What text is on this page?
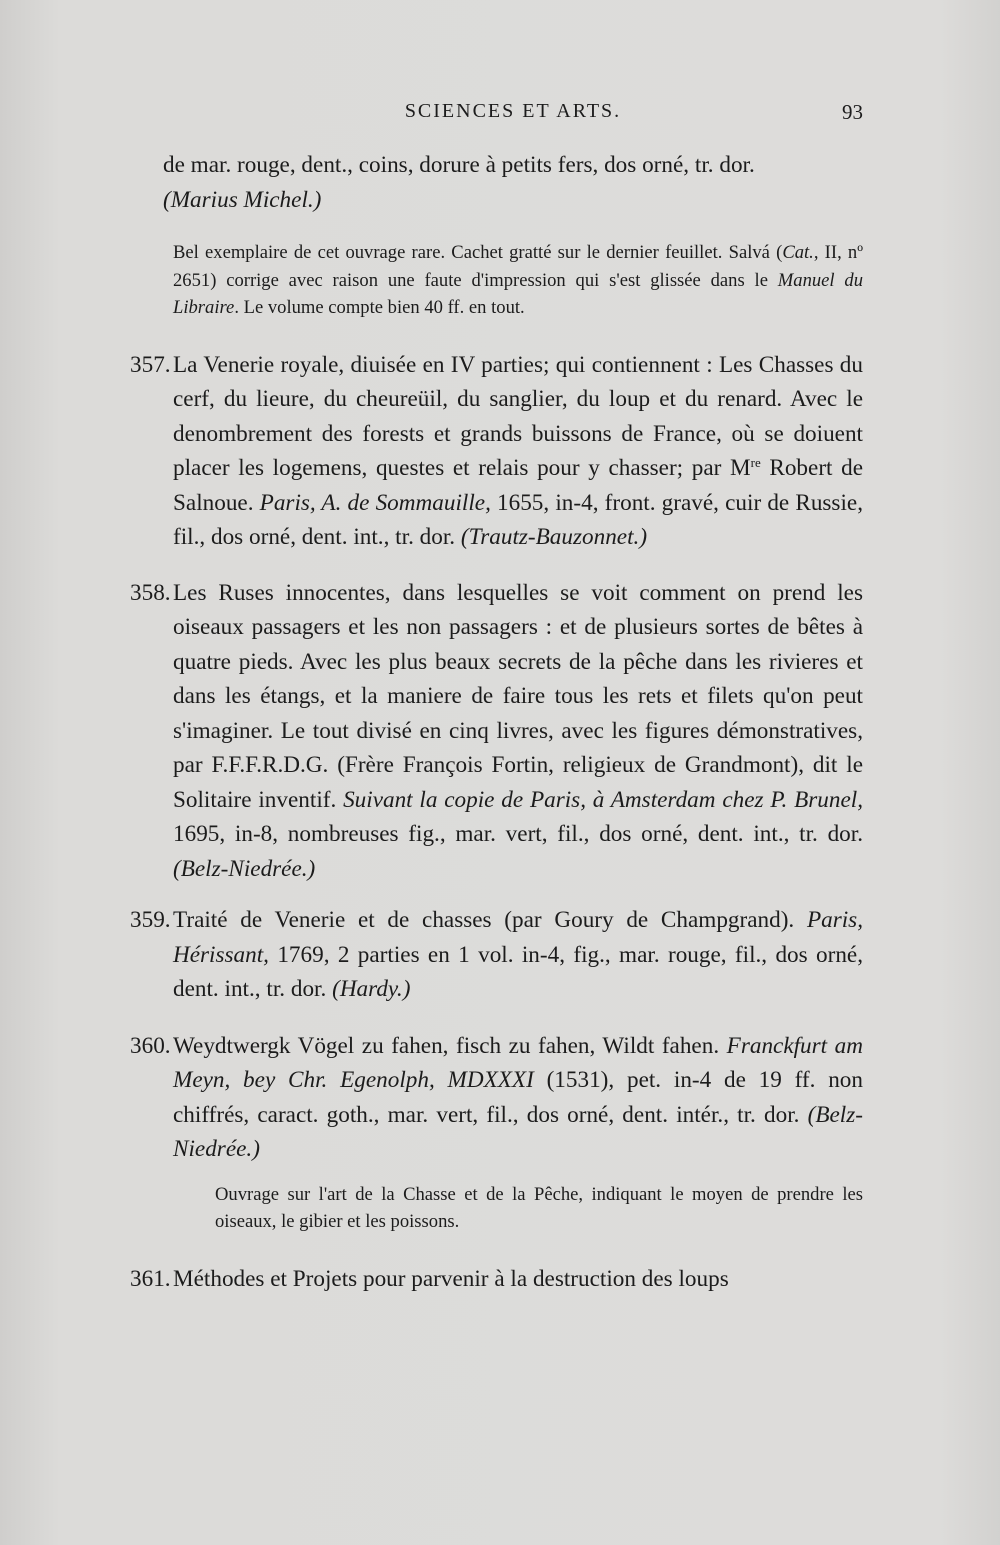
SCIENCES ET ARTS.	93

de mar. rouge, dent., coins, dorure à petits fers, dos orné, tr. dor.
(Marius Michel.)

Bel exemplaire de cet ouvrage rare. Cachet gratté sur le dernier feuillet. Salvá (Cat., II, nº 2651) corrige avec raison une faute d'impression qui s'est glissée dans le Manuel du Libraire. Le volume compte bien 40 ff. en tout.

357. La Venerie royale, diuisée en IV parties; qui contiennent : Les Chasses du cerf, du lieure, du cheureüil, du sanglier, du loup et du renard. Avec le denombrement des forests et grands buissons de France, où se doiuent placer les logemens, questes et relais pour y chasser; par Mre Robert de Salnoue. Paris, A. de Sommauille, 1655, in-4, front. gravé, cuir de Russie, fil., dos orné, dent. int., tr. dor. (Trautz-Bauzonnet.)

358. Les Ruses innocentes, dans lesquelles se voit comment on prend les oiseaux passagers et les non passagers : et de plusieurs sortes de bêtes à quatre pieds. Avec les plus beaux secrets de la pêche dans les rivieres et dans les étangs, et la maniere de faire tous les rets et filets qu'on peut s'imaginer. Le tout divisé en cinq livres, avec les figures démonstratives, par F.F.F.R.D.G. (Frère François Fortin, religieux de Grandmont), dit le Solitaire inventif. Suivant la copie de Paris, à Amsterdam chez P. Brunel, 1695, in-8, nombreuses fig., mar. vert, fil., dos orné, dent. int., tr. dor. (Belz-Niedrée.)

359. Traité de Venerie et de chasses (par Goury de Champgrand). Paris, Hérissant, 1769, 2 parties en 1 vol. in-4, fig., mar. rouge, fil., dos orné, dent. int., tr. dor. (Hardy.)

360. Weydtwergk Vögel zu fahen, fisch zu fahen, Wildt fahen. Franckfurt am Meyn, bey Chr. Egenolph, MDXXXI (1531), pet. in-4 de 19 ff. non chiffrés, caract. goth., mar. vert, fil., dos orné, dent. intér., tr. dor. (Belz-Niedrée.)

Ouvrage sur l'art de la Chasse et de la Pêche, indiquant le moyen de prendre les oiseaux, le gibier et les poissons.

361. Méthodes et Projets pour parvenir à la destruction des loups
